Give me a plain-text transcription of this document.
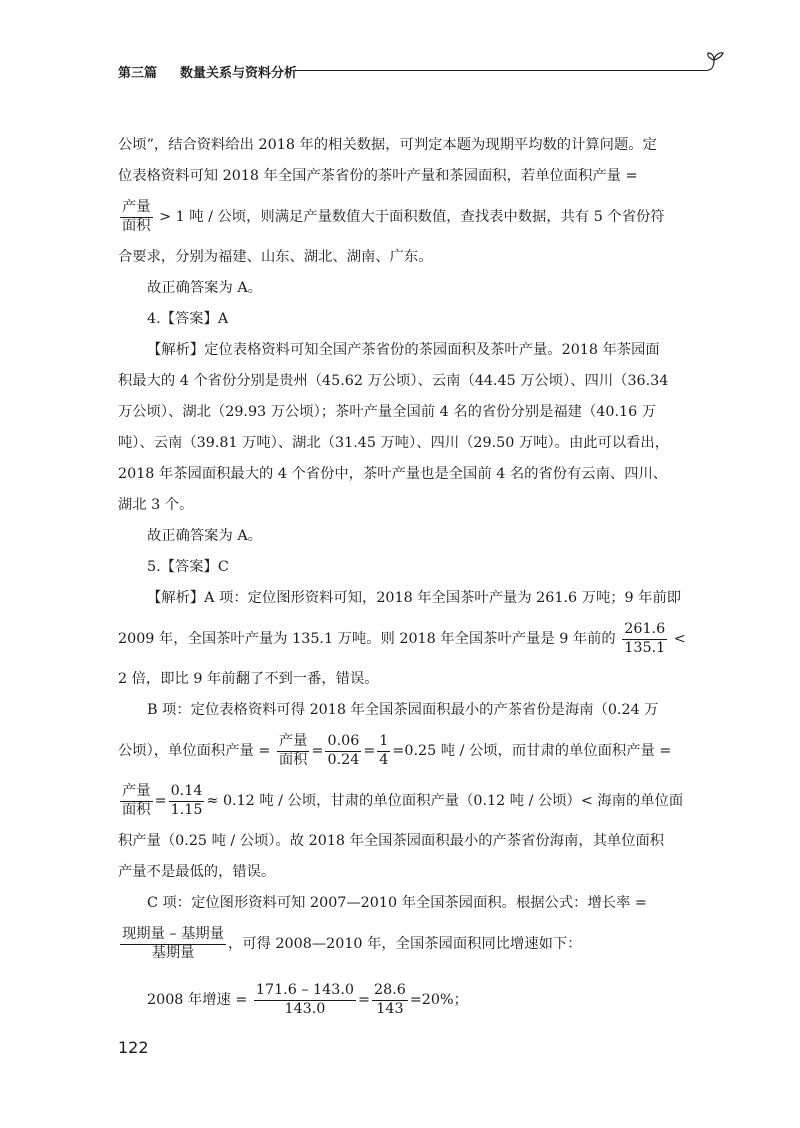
第三篇 数量关系与资料分析

公顷”，结合资料给出 2018 年的相关数据，可判定本题为现期平均数的计算问题。定

位表格资料可知 2018 年全国产茶省份的茶叶产量和茶园面积，若单位面积产量 =

$\frac{\text{产量}}{\text{面积}} > 1$ 吨 / 公顷，则满足产量数值大于面积数值，查找表中数据，共有 5 个省份符

合要求，分别为福建、山东、湖北、湖南、广东。

故正确答案为 A。

4.【答案】A

【解析】定位表格资料可知全国产茶省份的茶园面积及茶叶产量。2018 年茶园面

积最大的 4 个省份分别是贵州（45.62 万公顷）、云南（44.45 万公顷）、四川（36.34

万公顷）、湖北（29.93 万公顷）；茶叶产量全国前 4 名的省份分别是福建（40.16 万

吨）、云南（39.81 万吨）、湖北（31.45 万吨）、四川（29.50 万吨）。由此可以看出，

2018 年茶园面积最大的 4 个省份中，茶叶产量也是全国前 4 名的省份有云南、四川、

湖北 3 个。

故正确答案为 A。

5.【答案】C

【解析】A 项：定位图形资料可知，2018 年全国茶叶产量为 261.6 万吨；9 年前即

2009 年，全国茶叶产量为 135.1 万吨。则 2018 年全国茶叶产量是 9 年前的 $\frac{261.6}{135.1}$ <

2 倍，即比 9 年前翻了不到一番，错误。

B 项：定位表格资料可得 2018 年全国茶园面积最小的产茶省份是海南（0.24 万

公顷），单位面积产量 = $\frac{\text{产量}}{\text{面积}} = \frac{0.06}{0.24} = \frac{1}{4} =0.25$ 吨 / 公顷，而甘肃的单位面积产量 =

$\frac{\text{产量}}{\text{面积}} = \frac{0.14}{1.15} \approx 0.12$ 吨 / 公顷，甘肃的单位面积产量（0.12 吨 / 公顷）< 海南的单位面

积产量（0.25 吨 / 公顷）。故 2018 年全国茶园面积最小的产茶省份海南，其单位面积

产量不是最低的，错误。

C 项：定位图形资料可知 2007—2010 年全国茶园面积。根据公式：增长率 =

$\frac{\text{现期量 – 基期量}}{\text{基期量}}$ ，可得 2008—2010 年，全国茶园面积同比增速如下：

2008 年增速 = $\frac{171.6 - 143.0}{143.0} = \frac{28.6}{143} =20\%$；

122
